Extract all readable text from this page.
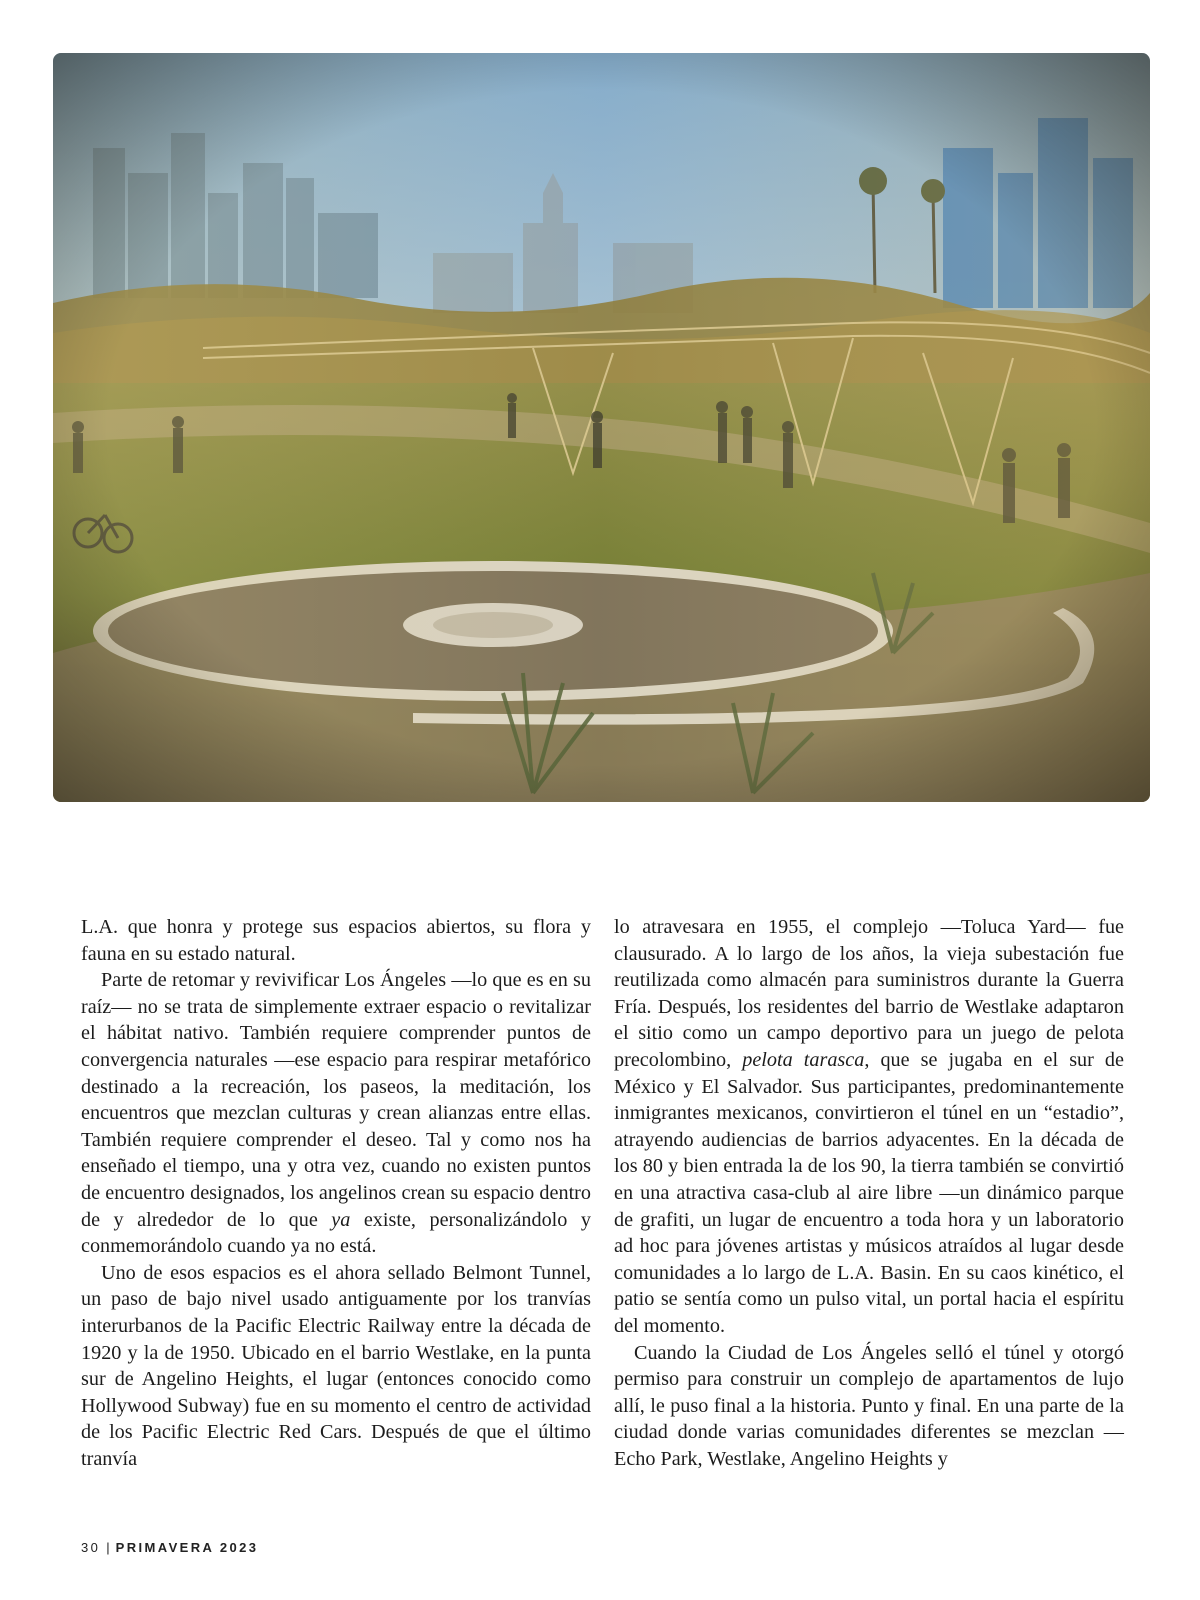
L.A. que honra y protege sus espacios abiertos, su flora y fauna en su estado natural.

Parte de retomar y revivificar Los Ángeles —lo que es en su raíz— no se trata de simplemente extraer espacio o revitalizar el hábitat nativo. También requiere comprender puntos de convergencia naturales —ese espacio para respirar metafórico destinado a la recreación, los paseos, la meditación, los encuentros que mezclan culturas y crean alianzas entre ellas. También requiere comprender el deseo. Tal y como nos ha enseñado el tiempo, una y otra vez, cuando no existen puntos de encuentro designados, los angelinos crean su espacio dentro de y alrededor de lo que ya existe, personalizándolo y conmemorándolo cuando ya no está.

Uno de esos espacios es el ahora sellado Belmont Tunnel, un paso de bajo nivel usado antiguamente por los tranvías interurbanos de la Pacific Electric Railway entre la década de 1920 y la de 1950. Ubicado en el barrio Westlake, en la punta sur de Angelino Heights, el lugar (entonces conocido como Hollywood Subway) fue en su momento el centro de actividad de los Pacific Electric Red Cars. Después de que el último tranvía

lo atravesara en 1955, el complejo —Toluca Yard— fue clausurado. A lo largo de los años, la vieja subestación fue reutilizada como almacén para suministros durante la Guerra Fría. Después, los residentes del barrio de Westlake adaptaron el sitio como un campo deportivo para un juego de pelota precolombino, pelota tarasca, que se jugaba en el sur de México y El Salvador. Sus participantes, predominantemente inmigrantes mexicanos, convirtieron el túnel en un “estadio”, atrayendo audiencias de barrios adyacentes. En la década de los 80 y bien entrada la de los 90, la tierra también se convirtió en una atractiva casa-club al aire libre —un dinámico parque de grafiti, un lugar de encuentro a toda hora y un laboratorio ad hoc para jóvenes artistas y músicos atraídos al lugar desde comunidades a lo largo de L.A. Basin. En su caos kinético, el patio se sentía como un pulso vital, un portal hacia el espíritu del momento.

Cuando la Ciudad de Los Ángeles selló el túnel y otorgó permiso para construir un complejo de apartamentos de lujo allí, le puso final a la historia. Punto y final. En una parte de la ciudad donde varias comunidades diferentes se mezclan —Echo Park, Westlake, Angelino Heights y

30 | PRIMAVERA 2023
